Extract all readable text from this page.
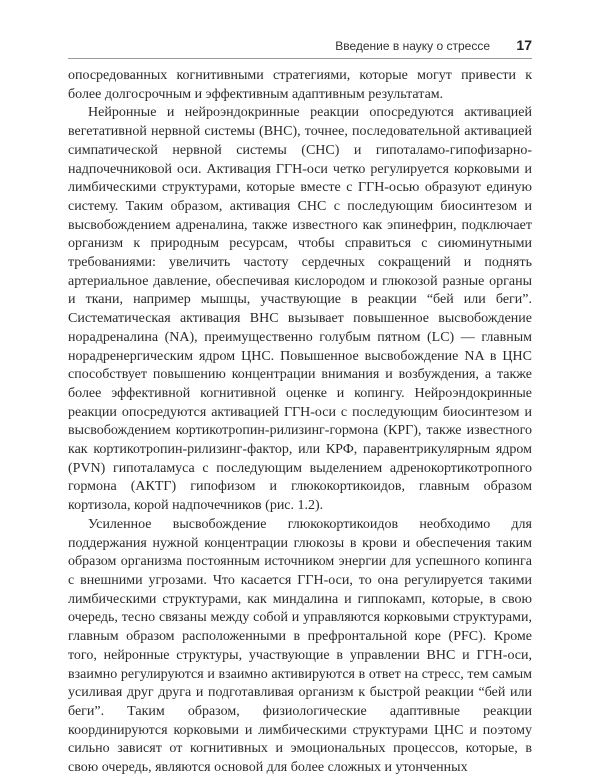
Введение в науку о стрессе 17

опосредованных когнитивными стратегиями, которые могут привести к более долгосрочным и эффективным адаптивным результатам.

Нейронные и нейроэндокринные реакции опосредуются активацией вегетативной нервной системы (ВНС), точнее, последовательной активацией симпатической нервной системы (СНС) и гипоталамо-гипофизарно-надпочечниковой оси. Активация ГГН-оси четко регулируется корковыми и лимбическими структурами, которые вместе с ГГН-осью образуют единую систему. Таким образом, активация СНС с последующим биосинтезом и высвобождением адреналина, также известного как эпинефрин, подключает организм к природным ресурсам, чтобы справиться с сиюминутными требованиями: увеличить частоту сердечных сокращений и поднять артериальное давление, обеспечивая кислородом и глюкозой разные органы и ткани, например мышцы, участвующие в реакции “бей или беги”. Систематическая активация ВНС вызывает повышенное высвобождение норадреналина (NA), преимущественно голубым пятном (LC) — главным норадренергическим ядром ЦНС. Повышенное высвобождение NA в ЦНС способствует повышению концентрации внимания и возбуждения, а также более эффективной когнитивной оценке и копингу. Нейроэндокринные реакции опосредуются активацией ГГН-оси с последующим биосинтезом и высвобождением кортикотропин-рилизинг-гормона (КРГ), также известного как кортикотропин-рилизинг-фактор, или КРФ, паравентрикулярным ядром (PVN) гипоталамуса с последующим выделением адренокортикотропного гормона (АКТГ) гипофизом и глюкокортикоидов, главным образом кортизола, корой надпочечников (рис. 1.2).

Усиленное высвобождение глюкокортикоидов необходимо для поддержания нужной концентрации глюкозы в крови и обеспечения таким образом организма постоянным источником энергии для успешного копинга с внешними угрозами. Что касается ГГН-оси, то она регулируется такими лимбическими структурами, как миндалина и гиппокамп, которые, в свою очередь, тесно связаны между собой и управляются корковыми структурами, главным образом расположенными в префронтальной коре (PFC). Кроме того, нейронные структуры, участвующие в управлении ВНС и ГГН-оси, взаимно регулируются и взаимно активируются в ответ на стресс, тем самым усиливая друг друга и подготавливая организм к быстрой реакции “бей или беги”. Таким образом, физиологические адаптивные реакции координируются корковыми и лимбическими структурами ЦНС и поэтому сильно зависят от когнитивных и эмоциональных процессов, которые, в свою очередь, являются основой для более сложных и утонченных
